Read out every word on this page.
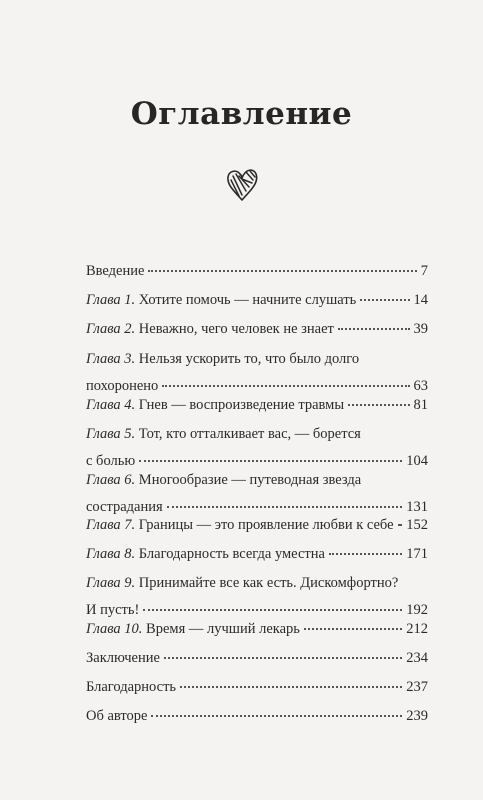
Оглавление
Введение	7
Глава 1. Хотите помочь — начните слушать	14
Глава 2. Неважно, чего человек не знает	39
Глава 3. Нельзя ускорить то, что было долго
похоронено	63
Глава 4. Гнев — воспроизведение травмы	81
Глава 5. Тот, кто отталкивает вас, — борется
с болью	104
Глава 6. Многообразие — путеводная звезда
сострадания	131
Глава 7. Границы — это проявление любви к себе 152
Глава 8. Благодарность всегда уместна	171
Глава 9. Принимайте все как есть. Дискомфортно?
И пусть!	192
Глава 10. Время — лучший лекарь	212
Заключение	234
Благодарность	237
Об авторе	239
